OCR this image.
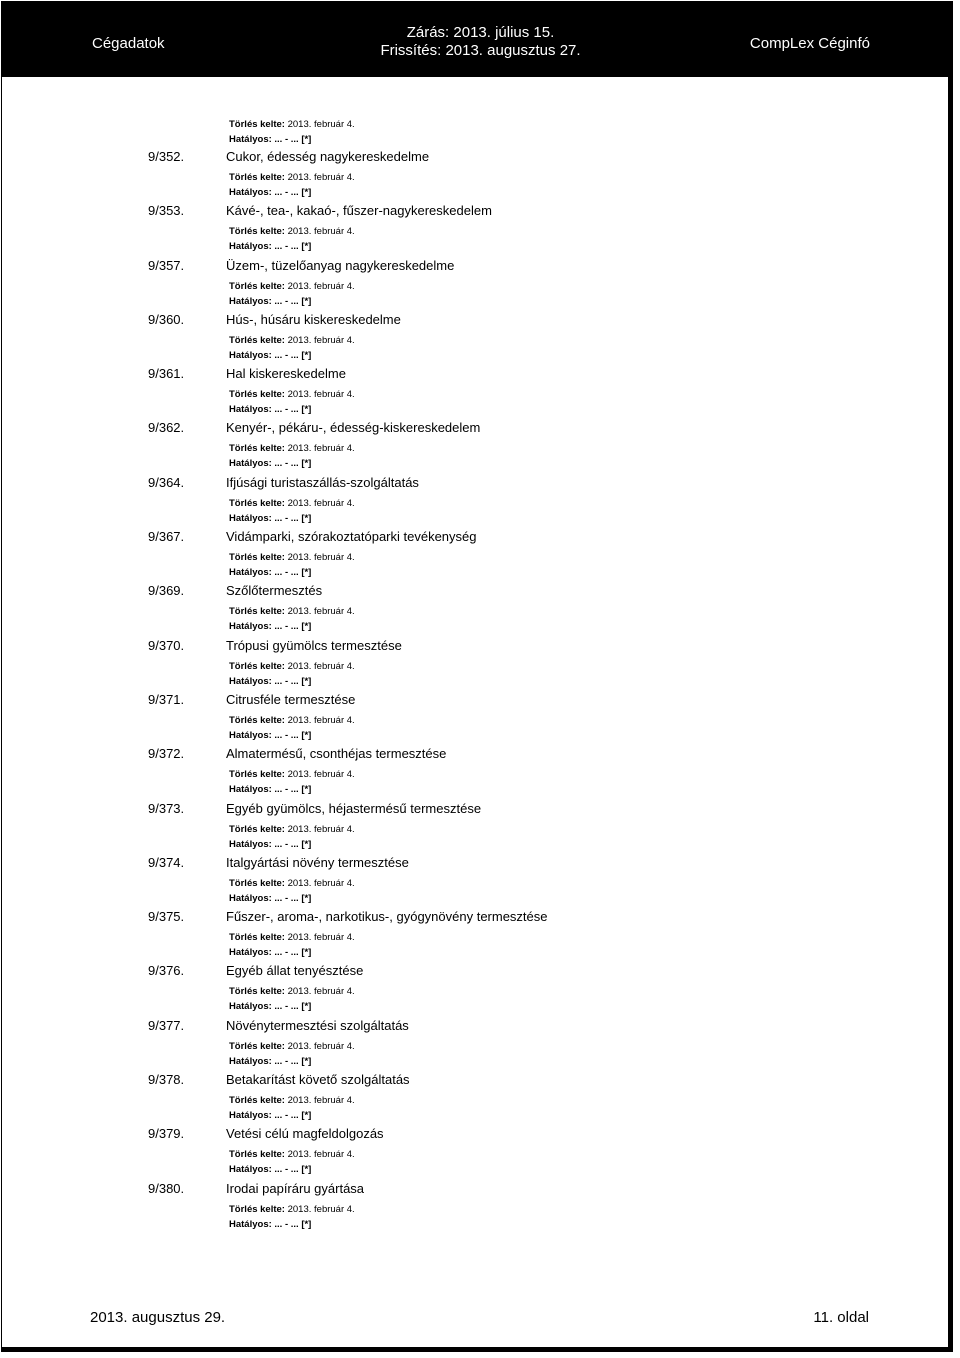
Cégadatok
Zárás: 2013. július 15.
Frissítés: 2013. augusztus 27.	CompLex Céginfó
Törlés kelte: 2013. február 4.
Hatályos: ... - ... [*]
9/352.	Cukor, édesség nagykereskedelme
Törlés kelte: 2013. február 4.
Hatályos: ... - ... [*]
9/353.	Kávé-, tea-, kakaó-, fűszer-nagykereskedelem
Törlés kelte: 2013. február 4.
Hatályos: ... - ... [*]
9/357.	Üzem-, tüzelőanyag nagykereskedelme
Törlés kelte: 2013. február 4.
Hatályos: ... - ... [*]
9/360.	Hús-, húsáru kiskereskedelme
Törlés kelte: 2013. február 4.
Hatályos: ... - ... [*]
9/361.	Hal kiskereskedelme
Törlés kelte: 2013. február 4.
Hatályos: ... - ... [*]
9/362.	Kenyér-, pékáru-, édesség-kiskereskedelem
Törlés kelte: 2013. február 4.
Hatályos: ... - ... [*]
9/364.	Ifjúsági turistaszállás-szolgáltatás
Törlés kelte: 2013. február 4.
Hatályos: ... - ... [*]
9/367.	Vidámparki, szórakoztatóparki tevékenység
Törlés kelte: 2013. február 4.
Hatályos: ... - ... [*]
9/369.	Szőlőtermesztés
Törlés kelte: 2013. február 4.
Hatályos: ... - ... [*]
9/370.	Trópusi gyümölcs termesztése
Törlés kelte: 2013. február 4.
Hatályos: ... - ... [*]
9/371.	Citrusféle termesztése
Törlés kelte: 2013. február 4.
Hatályos: ... - ... [*]
9/372.	Almatermésű, csonthéjas termesztése
Törlés kelte: 2013. február 4.
Hatályos: ... - ... [*]
9/373.	Egyéb gyümölcs, héjastermésű termesztése
Törlés kelte: 2013. február 4.
Hatályos: ... - ... [*]
9/374.	Italgyártási növény termesztése
Törlés kelte: 2013. február 4.
Hatályos: ... - ... [*]
9/375.	Fűszer-, aroma-, narkotikus-, gyógynövény termesztése
Törlés kelte: 2013. február 4.
Hatályos: ... - ... [*]
9/376.	Egyéb állat tenyésztése
Törlés kelte: 2013. február 4.
Hatályos: ... - ... [*]
9/377.	Növénytermesztési szolgáltatás
Törlés kelte: 2013. február 4.
Hatályos: ... - ... [*]
9/378.	Betakarítást követő szolgáltatás
Törlés kelte: 2013. február 4.
Hatályos: ... - ... [*]
9/379.	Vetési célú magfeldolgozás
Törlés kelte: 2013. február 4.
Hatályos: ... - ... [*]
9/380.	Irodai papíráru gyártása
Törlés kelte: 2013. február 4.
Hatályos: ... - ... [*]
2013. augusztus 29.	11. oldal
